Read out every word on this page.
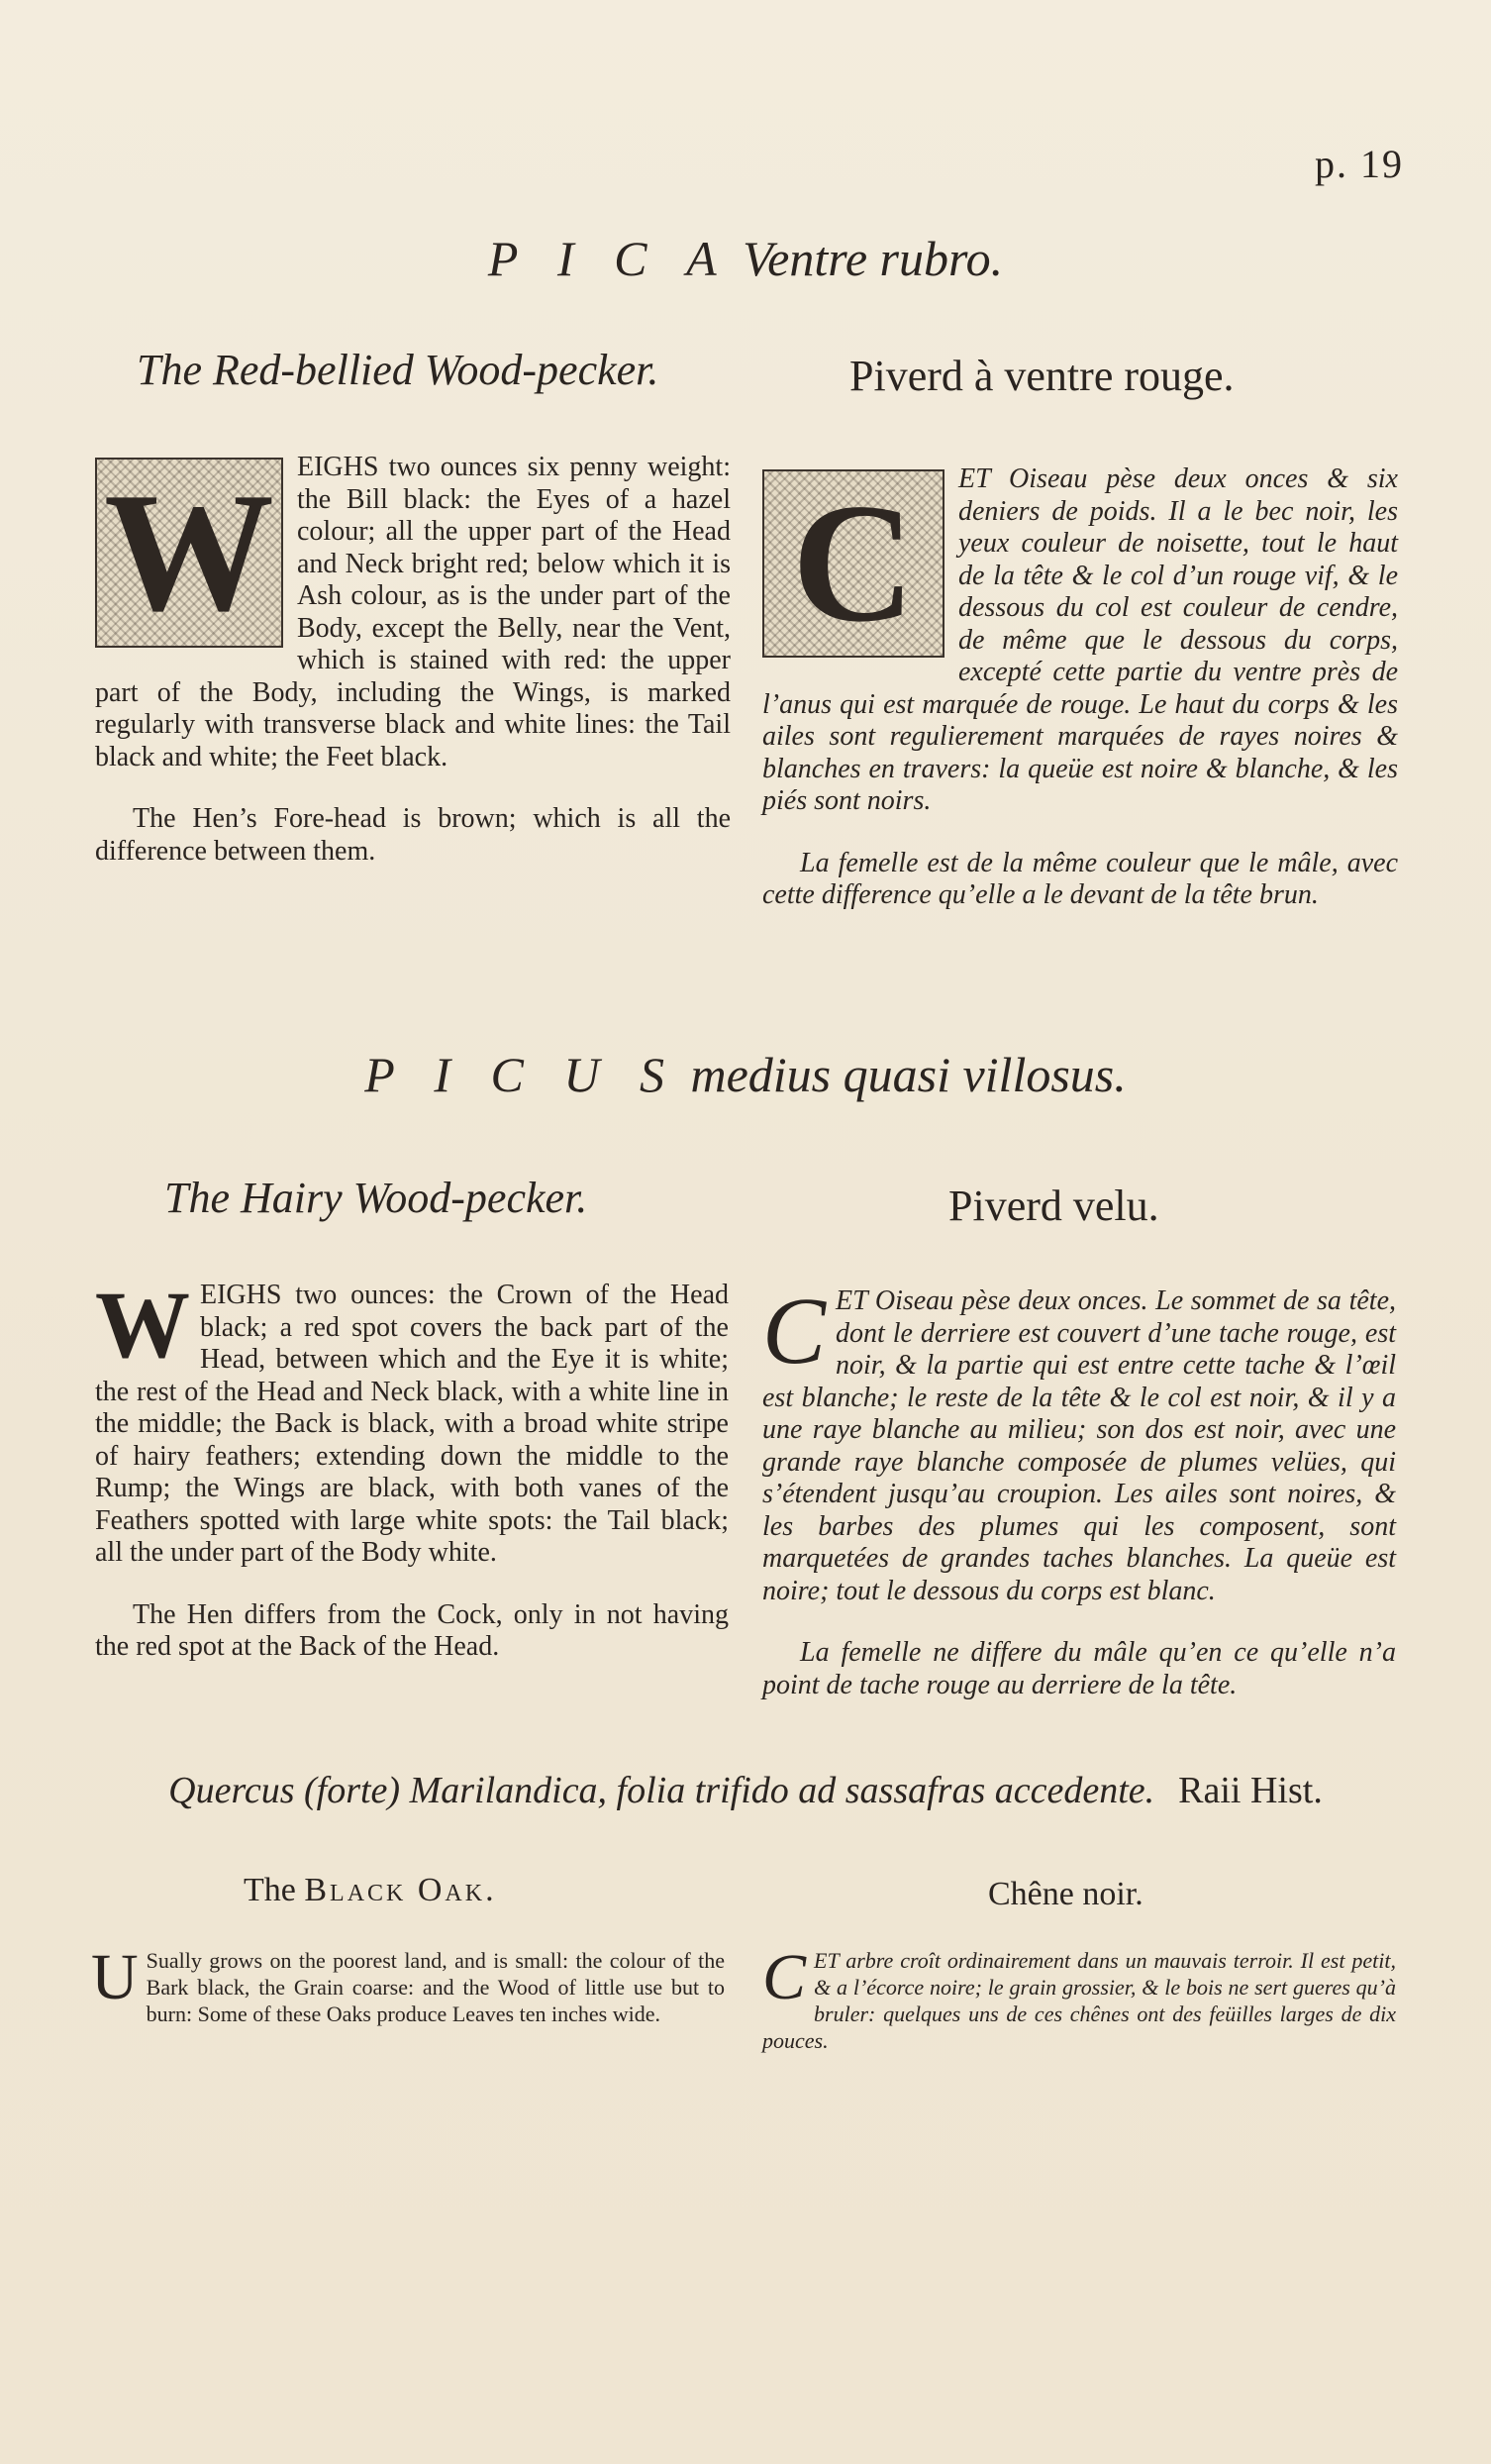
p. 19
P I C A Ventre rubro.
The Red-bellied Wood-pecker.	Piverd à ventre rouge.

W EIGHS two ounces six penny weight: the Bill black: the Eyes of a hazel colour; all the upper part of the Head and Neck bright red; below which it is Ash colour, as is the under part of the Body, except the Belly, near the Vent, which is stained with red: the upper part of the Body, including the Wings, is marked regularly with transverse black and white lines: the Tail black and white; the Feet black.

The Hen’s Fore-head is brown; which is all the difference between them.

C	ET Oiseau pèse deux onces & six deniers de poids. Il a le bec noir, les yeux couleur de noisette, tout le haut de la tête & le col d’un rouge vif, & le dessous du col est couleur de cendre, de même que le dessous du corps, excepté cette partie du ventre près de l’anus qui est marquée de rouge. Le haut du corps & les ailes sont regulierement marquées de rayes noires & blanches en travers: la queüe est noire & blanche, & les piés sont noirs.

La femelle est de la même couleur que le mâle, avec cette difference qu’elle a le devant de la tête brun.

P I C U S medius quasi villosus.
The Hairy Wood-pecker.	Piverd velu.

WEIGHS two ounces: the Crown of the Head black; a red spot covers the back part of the Head, between which and the Eye it is white; the rest of the Head and Neck black, with a white line in the middle; the Back is black, with a broad white stripe of hairy feathers; extending down the middle to the Rump; the Wings are black, with both vanes of the Feathers spotted with large white spots: the Tail black; all the under part of the Body white.

The Hen differs from the Cock, only in not having the red spot at the Back of the Head.

CET Oiseau pèse deux onces. Le sommet de sa tête, dont le derriere est couvert d’une tache rouge, est noir, & la partie qui est entre cette tache & l’œil est blanche; le reste de la tête & le col est noir, & il y a une raye blanche au milieu; son dos est noir, avec une grande raye blanche composée de plumes velües, qui s’étendent jusqu’au croupion. Les ailes sont noires, & les barbes des plumes qui les composent, sont marquetées de grandes taches blanches. La queüe est noire; tout le dessous du corps est blanc.

La femelle ne differe du mâle qu’en ce qu’elle n’a point de tache rouge au derriere de la tête.

Quercus (forte) Marilandica, folia trifido ad sassafras accedente. Raii Hist.
The Black Oak.	Chêne noir.

U Sually grows on the poorest land, and is small: the colour of the Bark black, the Grain coarse: and the Wood of little use but to burn: Some of these Oaks produce Leaves ten inches wide.

CET arbre croît ordinairement dans un mauvais terroir. Il est petit, & a l’écorce noire; le grain grossier, & le bois ne sert gueres qu’à bruler: quelques uns de ces chênes ont des feüilles larges de dix pouces.
